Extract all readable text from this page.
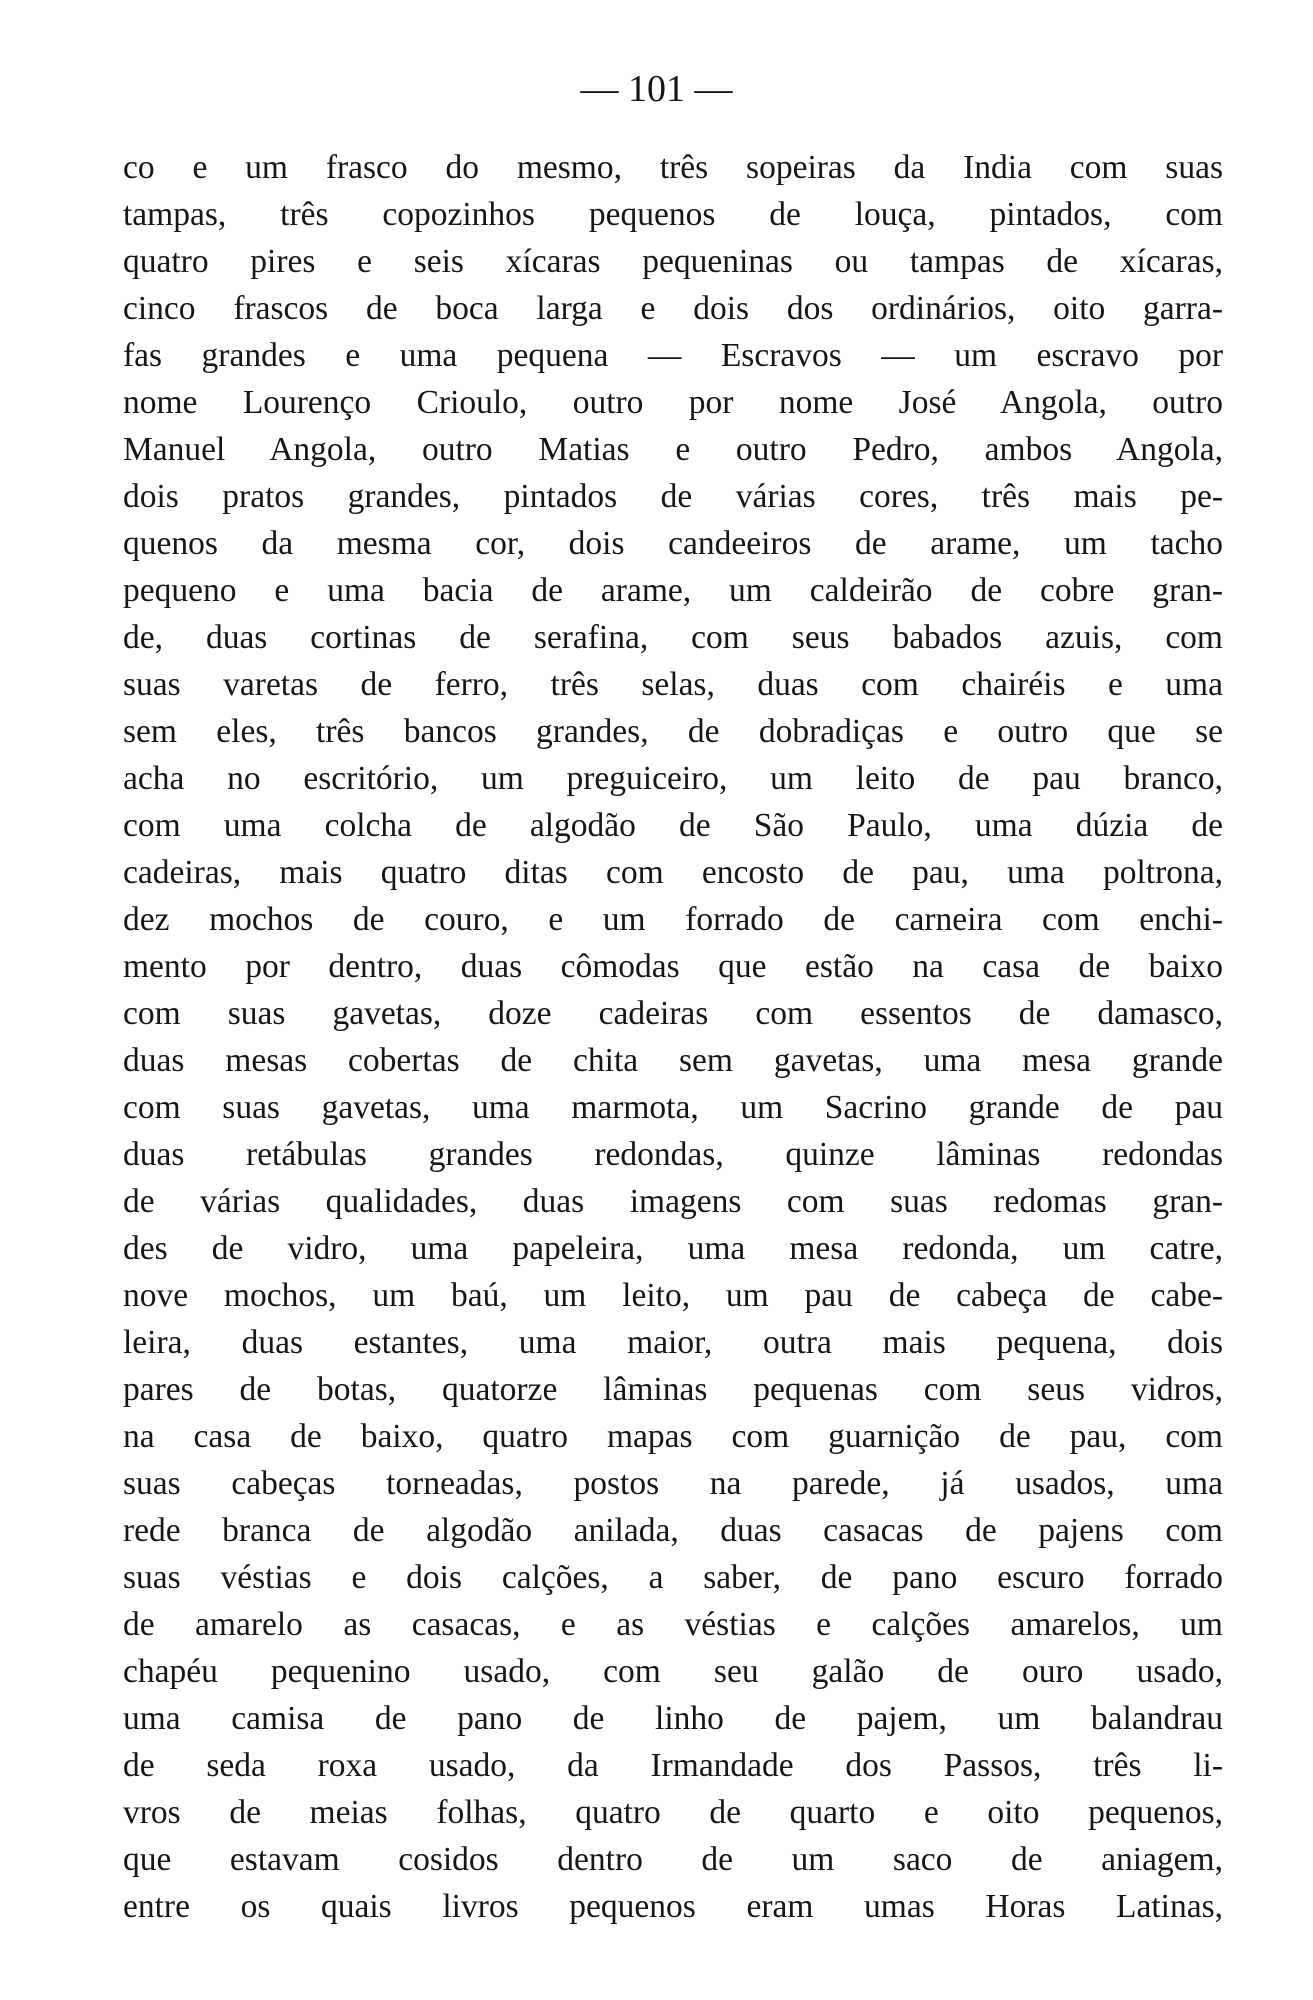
— 101 —
co e um frasco do mesmo, três sopeiras da India com suas
tampas, três copozinhos pequenos de louça, pintados, com
quatro pires e seis xícaras pequeninas ou tampas de xícaras,
cinco frascos de boca larga e dois dos ordinários, oito garra-
fas grandes e uma pequena — Escravos — um escravo por
nome Lourenço Crioulo, outro por nome José Angola, outro
Manuel Angola, outro Matias e outro Pedro, ambos Angola,
dois pratos grandes, pintados de várias cores, três mais pe-
quenos da mesma cor, dois candeeiros de arame, um tacho
pequeno e uma bacia de arame, um caldeirão de cobre gran-
de, duas cortinas de serafina, com seus babados azuis, com
suas varetas de ferro, três selas, duas com chairéis e uma
sem eles, três bancos grandes, de dobradiças e outro que se
acha no escritório, um preguiceiro, um leito de pau branco,
com uma colcha de algodão de São Paulo, uma dúzia de
cadeiras, mais quatro ditas com encosto de pau, uma poltrona,
dez mochos de couro, e um forrado de carneira com enchi-
mento por dentro, duas cômodas que estão na casa de baixo
com suas gavetas, doze cadeiras com essentos de damasco,
duas mesas cobertas de chita sem gavetas, uma mesa grande
com suas gavetas, uma marmota, um Sacrino grande de pau
duas retábulas grandes redondas, quinze lâminas redondas
de várias qualidades, duas imagens com suas redomas gran-
des de vidro, uma papeleira, uma mesa redonda, um catre,
nove mochos, um baú, um leito, um pau de cabeça de cabe-
leira, duas estantes, uma maior, outra mais pequena, dois
pares de botas, quatorze lâminas pequenas com seus vidros,
na casa de baixo, quatro mapas com guarnição de pau, com
suas cabeças torneadas, postos na parede, já usados, uma
rede branca de algodão anilada, duas casacas de pajens com
suas véstias e dois calções, a saber, de pano escuro forrado
de amarelo as casacas, e as véstias e calções amarelos, um
chapéu pequenino usado, com seu galão de ouro usado,
uma camisa de pano de linho de pajem, um balandrau
de seda roxa usado, da Irmandade dos Passos, três li-
vros de meias folhas, quatro de quarto e oito pequenos,
que estavam cosidos dentro de um saco de aniagem,
entre os quais livros pequenos eram umas Horas Latinas,
